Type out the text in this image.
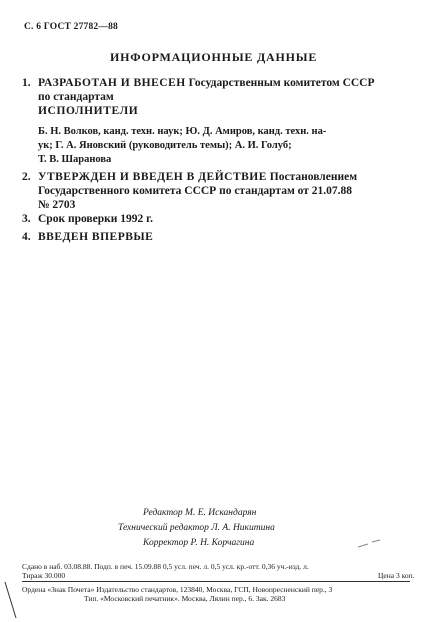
С. 6 ГОСТ 27782—88
ИНФОРМАЦИОННЫЕ ДАННЫЕ
1. РАЗРАБОТАН И ВНЕСЕН Государственным комитетом СССР
по стандартам
ИСПОЛНИТЕЛИ
Б. Н. Волков, канд. техн. наук; Ю. Д. Амиров, канд. техн. на-
ук; Г. А. Яновский (руководитель темы); А. И. Голуб;
Т. В. Шаранова
2. УТВЕРЖДЕН И ВВЕДЕН В ДЕЙСТВИЕ Постановлением
Государственного комитета СССР по стандартам от 21.07.88
№ 2703
3. Срок проверки 1992 г.
4. ВВЕДЕН ВПЕРВЫЕ
Редактор М. Е. Искандарян
Технический редактор Л. А. Никитина
Корректор Р. Н. Корчагина
Сдано в наб. 03.08.88. Подп. в печ. 15.09.88 0,5 усл. печ. л. 0,5 усл. кр.-отт. 0,36 уч.-изд. л.
Тираж 30.000	Цена 3 коп.
Ордена «Знак Почета» Издательство стандартов, 123840, Москва, ГСП, Новопресненский пер., 3
Тип. «Московский печатник». Москва, Лялин пер., 6. Зак. 2683
